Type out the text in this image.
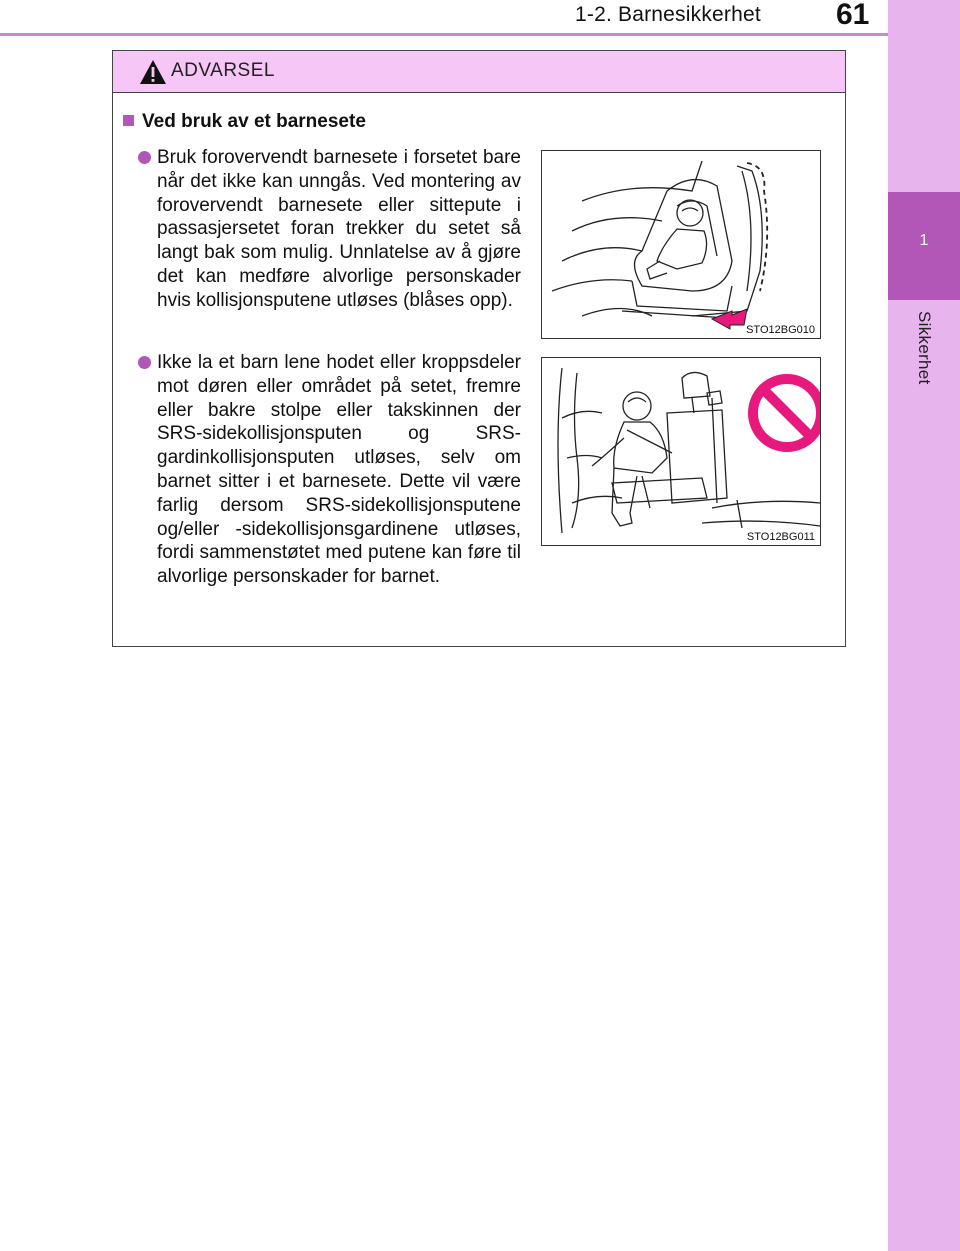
1-2. Barnesikkerhet	61
1
Sikkerhet
ADVARSEL
Ved bruk av et barnesete
Bruk forovervendt barnesete i forsetet bare når det ikke kan unngås. Ved montering av forovervendt barnesete eller sittepute i passasjersetet foran trekker du setet så langt bak som mulig. Unnlatelse av å gjøre det kan medføre alvorlige personskader hvis kollisjonsputene utløses (blåses opp).
Ikke la et barn lene hodet eller kroppsdeler mot døren eller området på setet, fremre eller bakre stolpe eller takskinnen der SRS-sidekollisjonsputen og SRS-gardinkollisjonsputen utløses, selv om barnet sitter i et barnesete. Dette vil være farlig dersom SRS-sidekollisjonsputene og/eller -sidekollisjonsgardinene utløses, fordi sammenstøtet med putene kan føre til alvorlige personskader for barnet.
STO12BG010
STO12BG011
